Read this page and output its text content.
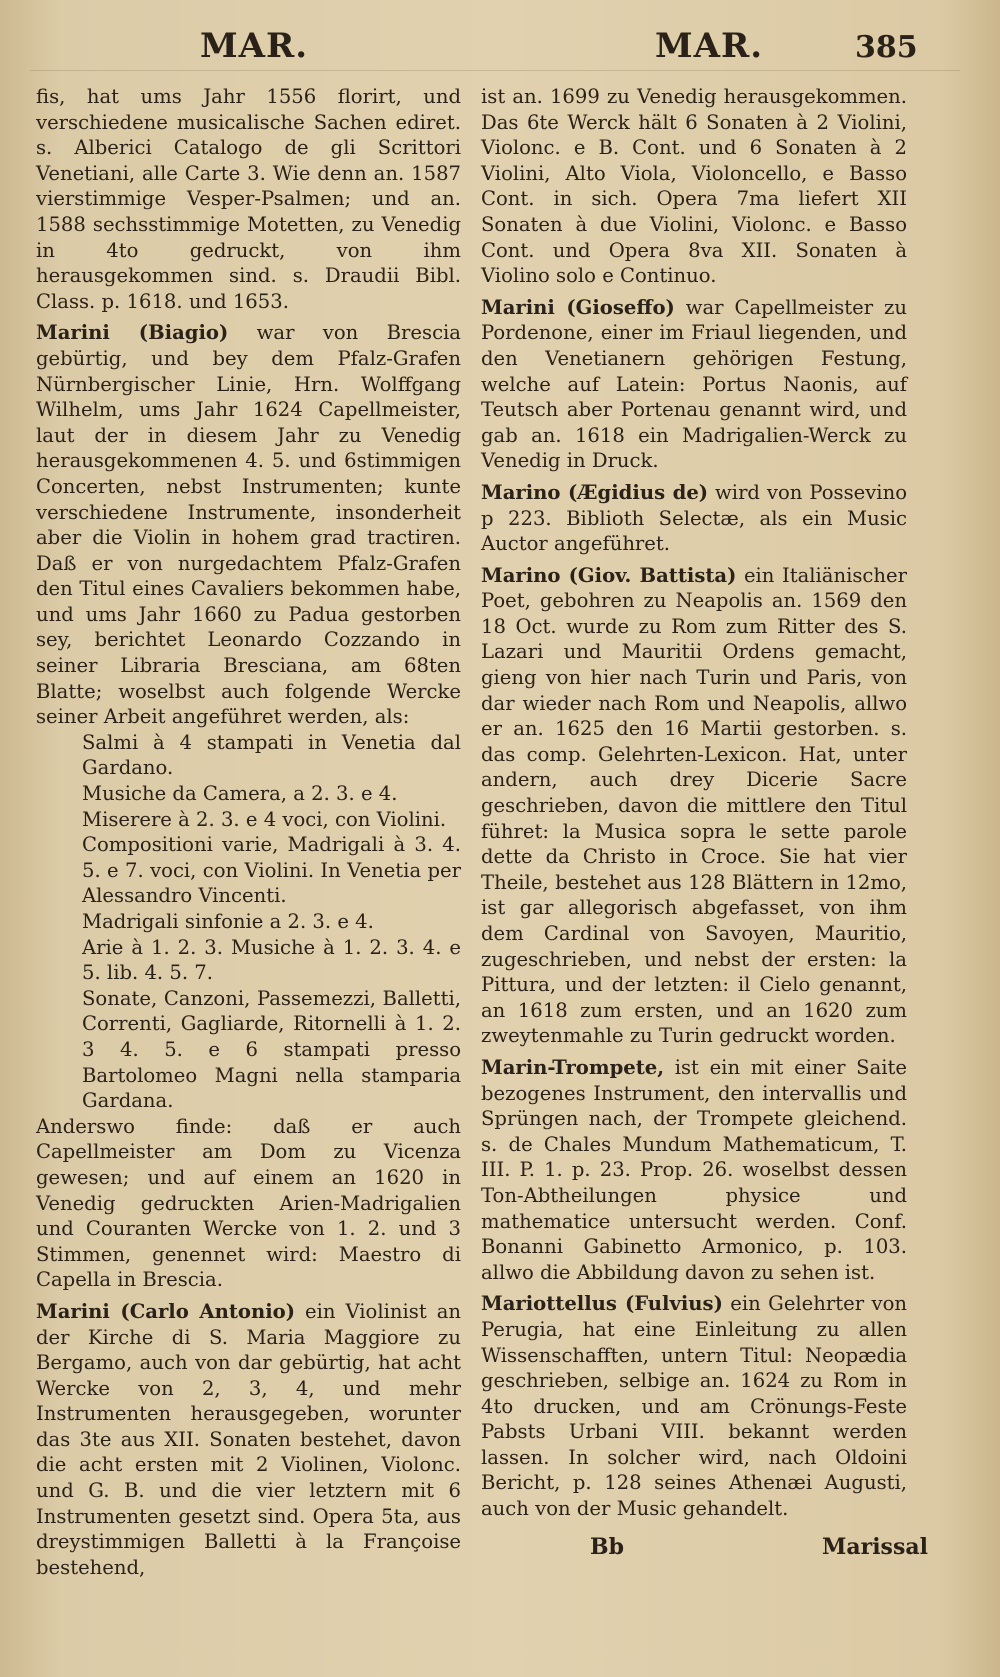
MAR.	MAR.	385

fis, hat ums Jahr 1556 florirt, und verschiedene musicalische Sachen ediret. s. Alberici Catalogo de gli Scrittori Venetiani, alle Carte 3. Wie denn an. 1587 vierstimmige Vesper-Psalmen; und an. 1588 sechsstimmige Motetten, zu Venedig in 4to gedruckt, von ihm herausgekommen sind. s. Draudii Bibl. Class. p. 1618. und 1653.

Marini (Biagio) war von Brescia gebürtig, und bey dem Pfalz-Grafen Nürnbergischer Linie, Hrn. Wolffgang Wilhelm, ums Jahr 1624 Capellmeister, laut der in diesem Jahr zu Venedig herausgekommenen 4. 5. und 6stimmigen Concerten, nebst Instrumenten; kunte verschiedene Instrumente, insonderheit aber die Violin in hohem grad tractiren. Daß er von nurgedachtem Pfalz-Grafen den Titul eines Cavaliers bekommen habe, und ums Jahr 1660 zu Padua gestorben sey, berichtet Leonardo Cozzando in seiner Libraria Bresciana, am 68ten Blatte; woselbst auch folgende Wercke seiner Arbeit angeführet werden, als:

Salmi à 4 stampati in Venetia dal Gardano.

Musiche da Camera, a 2. 3. e 4.

Miserere à 2. 3. e 4 voci, con Violini.

Compositioni varie, Madrigali à 3. 4. 5. e 7. voci, con Violini. In Venetia per Alessandro Vincenti.

Madrigali sinfonie a 2. 3. e 4.

Arie à 1. 2. 3. Musiche à 1. 2. 3. 4. e 5. lib. 4. 5. 7.

Sonate, Canzoni, Passemezzi, Balletti, Correnti, Gagliarde, Ritornelli à 1. 2. 3 4. 5. e 6 stampati presso Bartolomeo Magni nella stamparia Gardana.

Anderswo finde: daß er auch Capellmeister am Dom zu Vicenza gewesen; und auf einem an 1620 in Venedig gedruckten Arien-Madrigalien und Couranten Wercke von 1. 2. und 3 Stimmen, genennet wird: Maestro di Capella in Brescia.

Marini (Carlo Antonio) ein Violinist an der Kirche di S. Maria Maggiore zu Bergamo, auch von dar gebürtig, hat acht Wercke von 2, 3, 4, und mehr Instrumenten herausgegeben, worunter das 3te aus XII. Sonaten bestehet, davon die acht ersten mit 2 Violinen, Violonc. und G. B. und die vier letztern mit 6 Instrumenten gesetzt sind. Opera 5ta, aus dreystimmigen Balletti à la Françoise bestehend,

ist an. 1699 zu Venedig herausgekommen. Das 6te Werck hält 6 Sonaten à 2 Violini, Violonc. e B. Cont. und 6 Sonaten à 2 Violini, Alto Viola, Violoncello, e Basso Cont. in sich. Opera 7ma liefert XII Sonaten à due Violini, Violonc. e Basso Cont. und Opera 8va XII. Sonaten à Violino solo e Continuo.

Marini (Gioseffo) war Capellmeister zu Pordenone, einer im Friaul liegenden, und den Venetianern gehörigen Festung, welche auf Latein: Portus Naonis, auf Teutsch aber Portenau genannt wird, und gab an. 1618 ein Madrigalien-Werck zu Venedig in Druck.

Marino (Ægidius de) wird von Possevino p 223. Biblioth Selectæ, als ein Music Auctor angeführet.

Marino (Giov. Battista) ein Italiänischer Poet, gebohren zu Neapolis an. 1569 den 18 Oct. wurde zu Rom zum Ritter des S. Lazari und Mauritii Ordens gemacht, gieng von hier nach Turin und Paris, von dar wieder nach Rom und Neapolis, allwo er an. 1625 den 16 Martii gestorben. s. das comp. Gelehrten-Lexicon. Hat, unter andern, auch drey Dicerie Sacre geschrieben, davon die mittlere den Titul führet: la Musica sopra le sette parole dette da Christo in Croce. Sie hat vier Theile, bestehet aus 128 Blättern in 12mo, ist gar allegorisch abgefasset, von ihm dem Cardinal von Savoyen, Mauritio, zugeschrieben, und nebst der ersten: la Pittura, und der letzten: il Cielo genannt, an 1618 zum ersten, und an 1620 zum zweytenmahle zu Turin gedruckt worden.

Marin-Trompete, ist ein mit einer Saite bezogenes Instrument, den intervallis und Sprüngen nach, der Trompete gleichend. s. de Chales Mundum Mathematicum, T. III. P. 1. p. 23. Prop. 26. woselbst dessen Ton-Abtheilungen physice und mathematice untersucht werden. Conf. Bonanni Gabinetto Armonico, p. 103. allwo die Abbildung davon zu sehen ist.

Mariottellus (Fulvius) ein Gelehrter von Perugia, hat eine Einleitung zu allen Wissenschafften, untern Titul: Neopædia geschrieben, selbige an. 1624 zu Rom in 4to drucken, und am Crönungs-Feste Pabsts Urbani VIII. bekannt werden lassen. In solcher wird, nach Oldoini Bericht, p. 128 seines Athenæi Augusti, auch von der Music gehandelt.

Bb	Marissal
